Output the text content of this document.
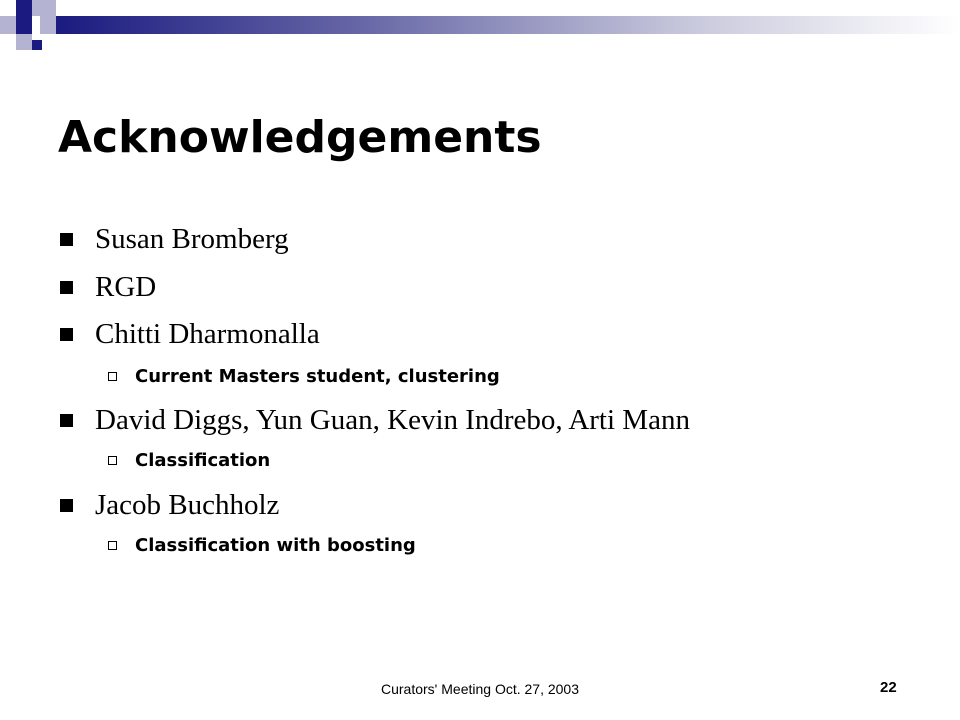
Acknowledgements
Susan Bromberg
RGD
Chitti Dharmonalla
Current Masters student, clustering
David Diggs, Yun Guan, Kevin Indrebo, Arti Mann
Classification
Jacob Buchholz
Classification with boosting
Curators' Meeting Oct. 27, 2003	22
